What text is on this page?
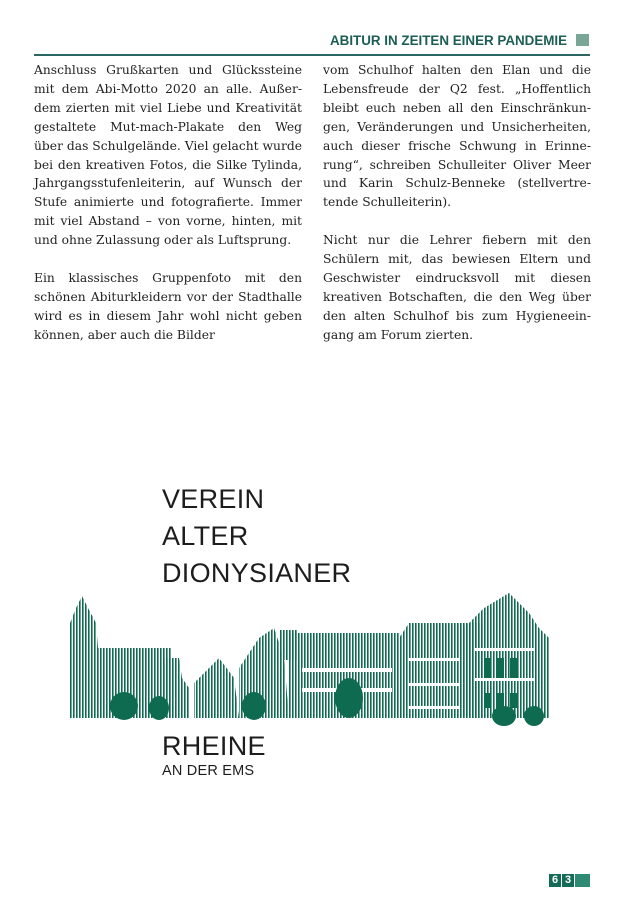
ABITUR IN ZEITEN EINER PANDEMIE

Anschluss Grußkarten und Glückssteine mit dem Abi-Motto 2020 an alle. Außerdem zierten mit viel Liebe und Kreativität gestaltete Mut-mach-Plakate den Weg über das Schulgelände. Viel gelacht wurde bei den kreativen Fotos, die Silke Tylinda, Jahrgangsstufenleiterin, auf Wunsch der Stufe animierte und fotografierte. Immer mit viel Abstand – von vorne, hinten, mit und ohne Zulassung oder als Luftsprung.

Ein klassisches Gruppenfoto mit den schönen Abiturkleidern vor der Stadthalle wird es in diesem Jahr wohl nicht geben können, aber auch die Bilder

vom Schulhof halten den Elan und die Lebensfreude der Q2 fest. „Hoffentlich bleibt euch neben all den Einschränkungen, Veränderungen und Unsicherheiten, auch dieser frische Schwung in Erinnerung“, schreiben Schulleiter Oliver Meer und Karin Schulz-Benneke (stellvertretende Schulleiterin).

Nicht nur die Lehrer fiebern mit den Schülern mit, das bewiesen Eltern und Geschwister eindrucksvoll mit diesen kreativen Botschaften, die den Weg über den alten Schulhof bis zum Hygieneeingang am Forum zierten.

VEREIN
ALTER
DIONYSIANER
RHEINE
AN DER EMS
6 3
